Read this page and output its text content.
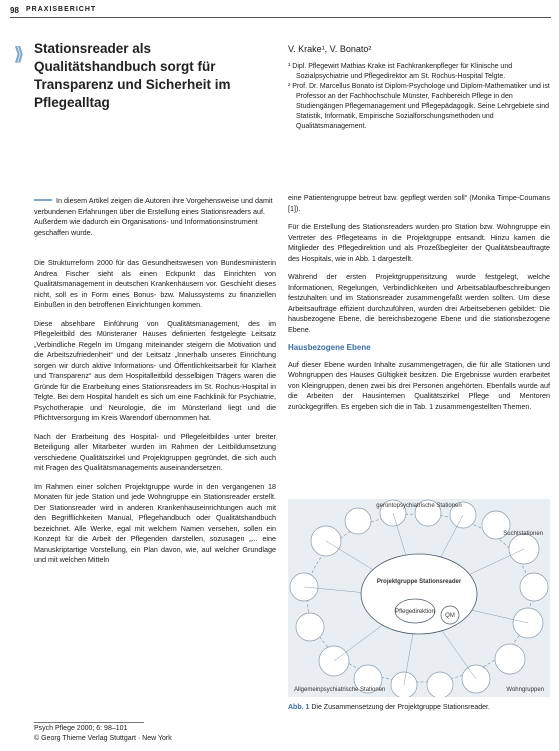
98 PRAXISBERICHT
⟫ Stationsreader als Qualitätshandbuch sorgt für Transparenz und Sicherheit im Pflegealltag
V. Krake¹, V. Bonato²

¹ Dipl. Pflegewirt Mathias Krake ist Fachkrankenpfleger für Klinische und Sozialpsychiatrie und Pflegedirektor am St. Rochus-Hospital Telgte.

² Prof. Dr. Marcellus Bonato ist Diplom-Psychologe und Diplom-Mathematiker und ist Professor an der Fachhochschule Münster, Fachbereich Pflege in den Studiengängen Pflegemanagement und Pflegepädagogik. Seine Lehrgebiete sind Statistik, Informatik, Empirische Sozialforschungsmethoden und Qualitätsmanagement.

In diesem Artikel zeigen die Autoren ihre Vorgehensweise und damit verbundenen Erfahrungen über die Erstellung eines Stationsreaders auf. Außerdem wie dadurch ein Organisations- und Informationsinstrument geschaffen wurde.

Die Strukturreform 2000 für das Gesundheitswesen von Bundesministerin Andrea Fischer sieht als einen Eckpunkt das Einrichten von Qualitätsmanagement in deutschen Krankenhäusern vor. Geschieht dieses nicht, soll es in Form eines Bonus- bzw. Malussystems zu finanziellen Einbußen in den betroffenen Einrichtungen kommen.

Diese absehbare Einführung von Qualitätsmanagement, des im Pflegeleitbild des Münsteraner Hauses definierten festgelegte Leitsatz „Verbindliche Regeln im Umgang miteinander steigern die Motivation und die Arbeitszufriedenheit“ und der Leitsatz „Innerhalb unseres Einrichtung sorgen wir durch aktive Informations- und Öffentlichkeitsarbeit für Klarheit und Transparenz“ aus dem Hospitalleitbild desselbigen Trägers waren die Gründe für die Erarbeitung eines Stationsreaders im St. Rochus-Hospital in Telgte. Bei dem Hospital handelt es sich um eine Fachklinik für Psychiatrie, Psychotherapie und Neurologie, die im Münsterland liegt und die Pflichtversorgung im Kreis Warendorf übernommen hat.

Nach der Erarbeitung des Hospital- und Pflegeleitbildes unter breiter Beteiligung aller Mitarbeiter wurden im Rahmen der Leitbildumsetzung verschiedene Qualitätszirkel und Projektgruppen gegründet, die sich auch mit Fragen des Qualitätsmanagements auseinandersetzen.

Im Rahmen einer solchen Projektgruppe wurde in den vergangenen 18 Monaten für jede Station und jede Wohngruppe ein Stationsreader erstellt. Der Stationsreader wird in anderen Krankenhauseinrichtungen auch mit den Begrifflichkeiten Manual, Pflegehandbuch oder Qualitätshandbuch bezeichnet. Alle Werke, egal mit welchem Namen versehen, sollen ein Konzept für die Arbeit der Pflegenden darstellen, sozusagen „... eine Manuskriptartige Vorstellung, ein Plan davon, wie, auf welcher Grundlage und mit welchen Mitteln

eine Patientengruppe betreut bzw. gepflegt werden soll“ (Monika Timpe-Coumans [1]).

Für die Erstellung des Stationsreaders wurden pro Station bzw. Wohngruppe ein Vertreter des Pflegeteams in die Projektgruppe entsandt. Hinzu kamen die Mitglieder des Pflegedirektion und als Prozeßbegleiter der Qualitätsbeauftragte des Hospitals, wie in Abb. 1 dargestellt.

Während der ersten Projektgruppensitzung wurde festgelegt, welche Informationen, Regelungen, Verbindlichkeiten und Arbeitsablaufbeschreibungen festzuhalten und im Stationsreader zusammengefaßt werden sollten. Um diese Arbeitsaufträge effizient durchzuführen, wurden drei Arbeitsebenen gebildet: Die hausbezogene Ebene, die bereichsbezogene Ebene und die stationsbezogene Ebene.

Hausbezogene Ebene

Auf dieser Ebene wurden Inhalte zusammengetragen, die für alle Stationen und Wohngruppen des Hauses Gültigkeit besitzen. Die Ergebnisse wurden erarbeitet von Kleingruppen, denen zwei bis drei Personen angehörten. Ebenfalls wurde auf die Arbeiten der Hausinternen Qualitätszirkel Pflege und Mentoren zurückgegriffen. Es ergeben sich die in Tab. 1 zusammengestellten Themen.

gerontopsychiatrische Stationen
Suchtstationen
Projektgruppe Stationsreader
Pflegedirektion
QM
Allgemeinpsychiatrische Stationen	Wohngruppen
Abb. 1 Die Zusammensetzung der Projektgruppe Stationsreader.
Psych Pflege 2000; 6: 98–101
© Georg Thieme Verlag Stuttgart · New York
